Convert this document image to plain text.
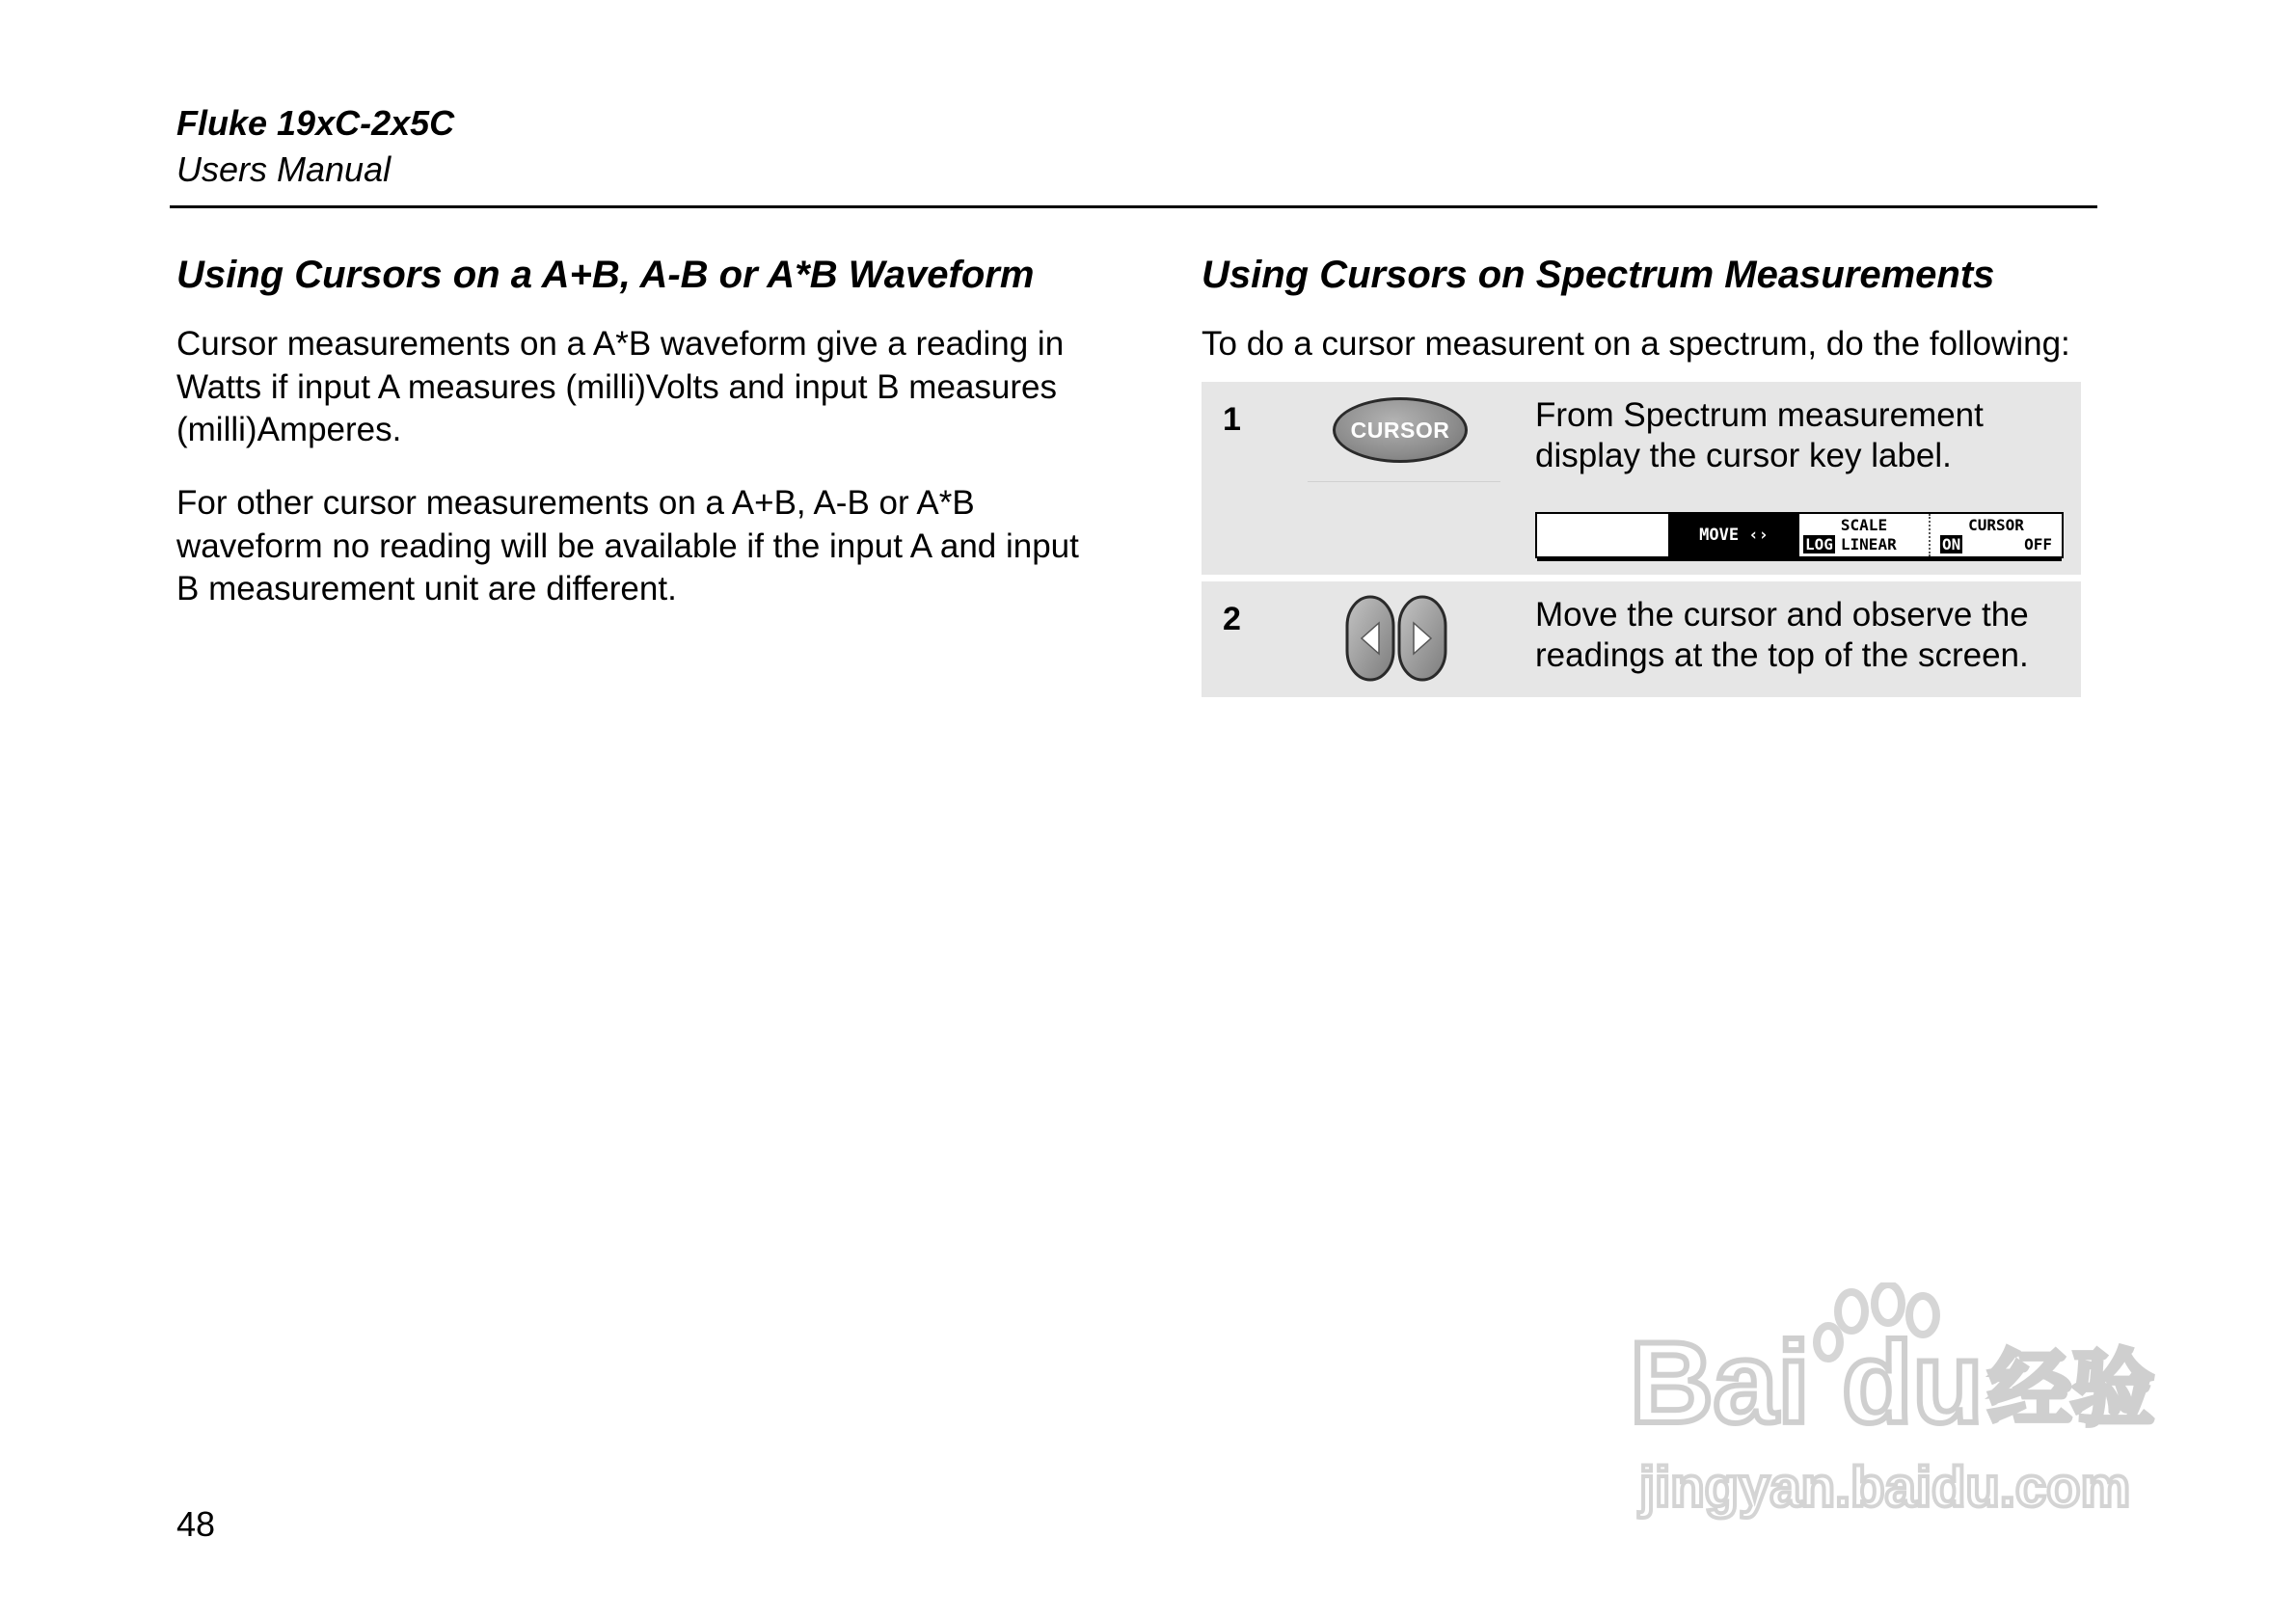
Fluke 19xC-2x5C
Users Manual
Using Cursors on a A+B, A-B or A*B Waveform

Cursor measurements on a A*B waveform give a reading in Watts if input A measures (milli)Volts and input B measures (milli)Amperes.

For other cursor measurements on a A+B, A-B or A*B waveform no reading will be available if the input A and input B measurement unit are different.

Using Cursors on Spectrum Measurements

To do a cursor measurent on a spectrum, do the following:

1	CURSOR	From Spectrum measurement display the cursor key label.

MOVE ‹›
SCALE
LOG LINEAR
CURSOR
ON	OFF
2	Move the cursor and observe the readings at the top of the screen.

48
Bai du 经验
jingyan.baidu.com
